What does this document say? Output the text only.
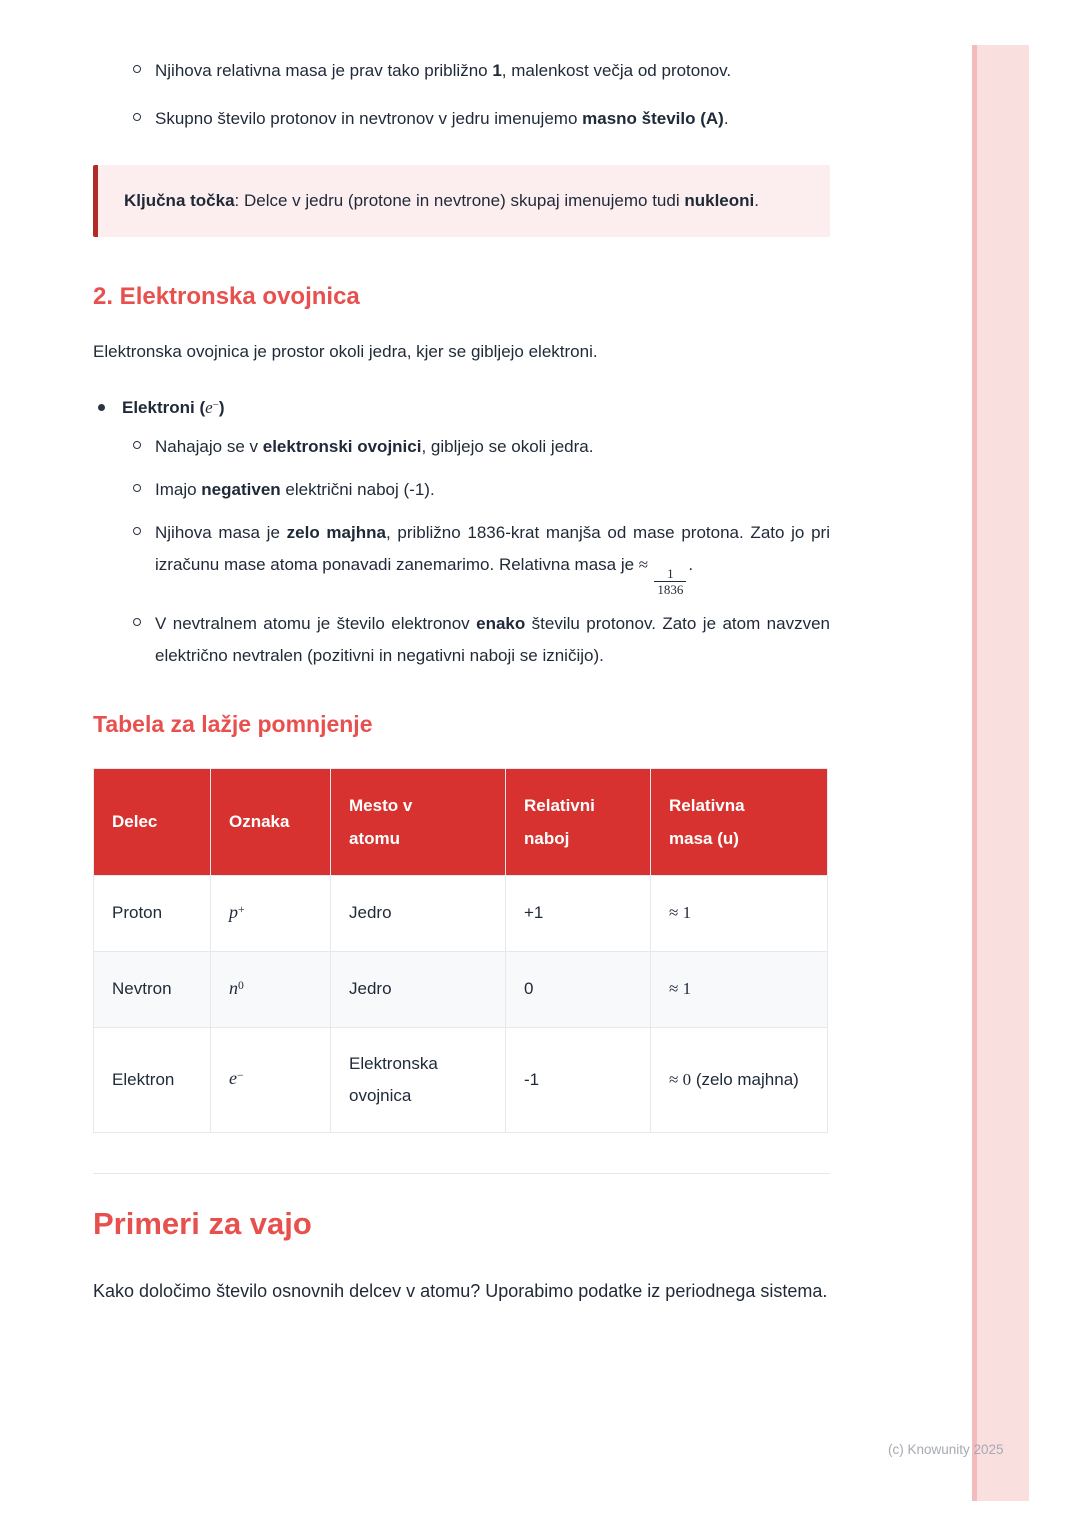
Njihova relativna masa je prav tako približno 1, malenkost večja od protonov.
Skupno število protonov in nevtronov v jedru imenujemo masno število (A).

Ključna točka: Delce v jedru (protone in nevtrone) skupaj imenujemo tudi nukleoni.

2. Elektronska ovojnica

Elektronska ovojnica je prostor okoli jedra, kjer se gibljejo elektroni.

Elektroni (e−)
Nahajajo se v elektronski ovojnici, gibljejo se okoli jedra.
Imajo negativen električni naboj (-1).
Njihova masa je zelo majhna, približno 1836-krat manjša od mase protona. Zato jo pri izračunu mase atoma ponavadi zanemarimo. Relativna masa je ≈
$\frac{1}{1836}$
.
V nevtralnem atomu je število elektronov enako številu protonov. Zato je atom navzven električno nevtralen (pozitivni in negativni naboji se izničijo).
Tabela za lažje pomnjenje
Delec	Oznaka	Mesto v atomu	Relativni naboj	Relativna masa (u)
Proton	p+	Jedro	+1	≈ 1
Nevtron	$n^0$	Jedro	0	≈ 1
Elektron	e−	Elektronska ovojnica	-1	≈ 0 (zelo majhna)
Primeri za vajo

Kako določimo število osnovnih delcev v atomu? Uporabimo podatke iz periodnega sistema.

(c) Knowunity 2025
